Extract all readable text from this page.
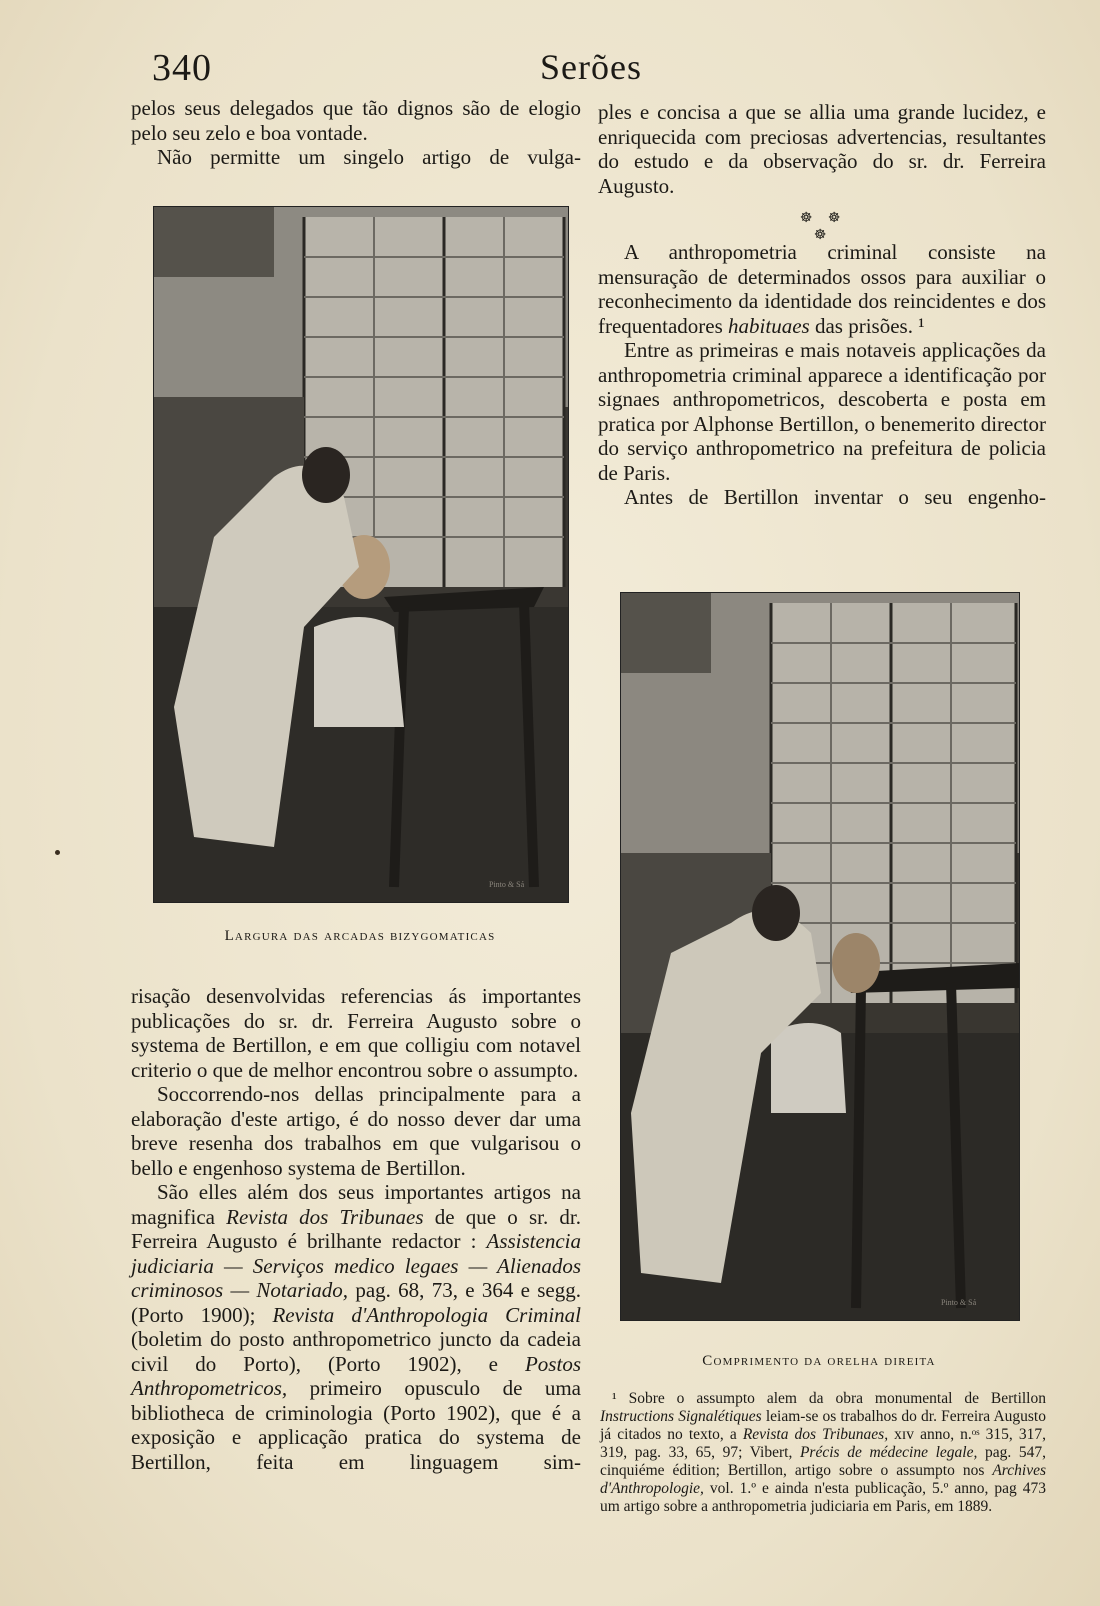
340	Serões

pelos seus delegados que tão dignos são de elogio pelo seu zelo e boa vontade.

Não permitte um singelo artigo de vulga-

ples e concisa a que se allia uma grande lucidez, e enriquecida com preciosas advertencias, resultantes do estudo e da observação do sr. dr. Ferreira Augusto.

☸ ☸ ☸

A anthropometria criminal consiste na mensuração de determinados ossos para auxiliar o reconhecimento da identidade dos reincidentes e dos frequentadores habituaes das prisões. ¹

Entre as primeiras e mais notaveis applicações da anthropometria criminal apparece a identificação por signaes anthropometricos, descoberta e posta em pratica por Alphonse Bertillon, o benemerito director do serviço anthropometrico na prefeitura de policia de Paris.

Antes de Bertillon inventar o seu engenho-

Pinto & Sá
Largura das arcadas bizygomaticas
Pinto & Sá
Comprimento da orelha direita

risação desenvolvidas referencias ás importantes publicações do sr. dr. Ferreira Augusto sobre o systema de Bertillon, e em que colligiu com notavel criterio o que de melhor encontrou sobre o assumpto.

Soccorrendo-nos dellas principalmente para a elaboração d'este artigo, é do nosso dever dar uma breve resenha dos trabalhos em que vulgarisou o bello e engenhoso systema de Bertillon.

São elles além dos seus importantes artigos na magnifica Revista dos Tribunaes de que o sr. dr. Ferreira Augusto é brilhante redactor : Assistencia judiciaria — Serviços medico legaes — Alienados criminosos — Notariado, pag. 68, 73, e 364 e segg. (Porto 1900); Revista d'Anthropologia Criminal (boletim do posto anthropometrico juncto da cadeia civil do Porto), (Porto 1902), e Postos Anthropometricos, primeiro opusculo de uma bibliotheca de criminologia (Porto 1902), que é a exposição e applicação pratica do systema de Bertillon, feita em linguagem sim-

¹ Sobre o assumpto alem da obra monumental de Bertillon Instructions Signalétiques leiam-se os trabalhos do dr. Ferreira Augusto já citados no texto, a Revista dos Tribunaes, xɪv anno, n.ᵒˢ 315, 317, 319, pag. 33, 65, 97; Vibert, Précis de médecine legale, pag. 547, cinquiéme édition; Bertillon, artigo sobre o assumpto nos Archives d'Anthropologie, vol. 1.º e ainda n'esta publicação, 5.º anno, pag 473 um artigo sobre a anthropometria judiciaria em Paris, em 1889.
